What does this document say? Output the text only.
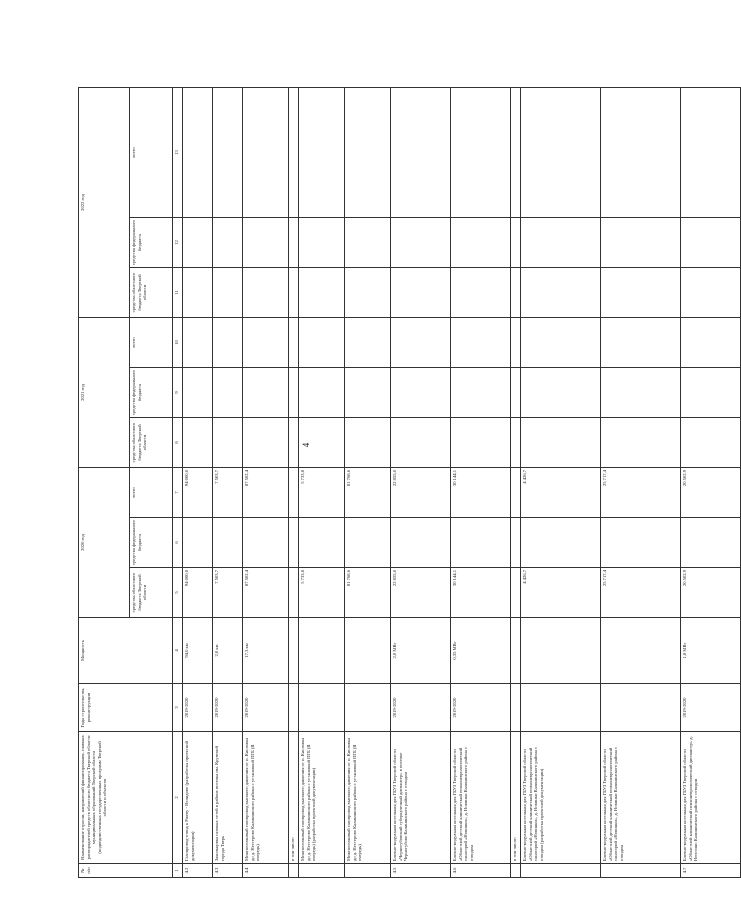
4
№ п/п	Наименование отрасли, направлений финансирования, главных распорядителей средств областного бюджета Тверской области муниципальных образований Тверской области (подведомственных государственных программ Тверской области и объектов	Годы строительства, реконструкции	Мощность	2020 год			2021 год			2022 год		
				средства областного бюджета Тверской области	средства федерального бюджета	всего	средства областного бюджета Тверской области	средства федерального бюджета	всего	средства областного бюджета Тверской области	средства федерального бюджета	всего
1	2	3	4	5	6	7	8	9	10	11	12	13
4.2	Газопровод-отвод к Ржеву - Нелидово (разработка проектной документации)	2019-2020	94,0 км	94 000,0		94 000,0						
4.3	Закольцовка газовых сетей в районе поселка им. Крупской города Тверь	2019-2020	2,0 км	7 503,7		7 503,7						
4.4	Межпоселковый газопровод высокого давления от п. Кисловка до д. Нестерово Калининского района с установкой ПГБ (II очередь)	2019-2020	17,3 км	87 502,4		87 502,4						
	в том числе:											
	Межпоселковый газопровод высокого давления от п. Кисловка до д. Нестерово Калининского района с установкой ПГБ (II очередь) (разработка проектной документации)			5 733,8		5 733,8						
	Межпоселковый газопровод высокого давления от п. Кисловка до д. Нестерово Калининского района с установкой ПГБ (II очередь)			81 768,6		81 768,6						
4.5	Блочно-модульная котельная для ГБУЗ Тверской области «Черногубовский туберкулезный диспансер» в поселке Черногубово Калининского района с отводом	2019-2020	2,0 МВт	22 855,0		22 855,0						
4.6	Блочно-модульная котельная для ГБУЗ Тверской области «Областной детский клинический психоневрологический санаторий «Новинки», д. Новинки Калининского района с отводом	2019-2020	0,35 МВт	30 144,1		30 144,1						
	в том числе:											
	Блочно-модульная котельная для ГБУЗ Тверской области «Областной детский клинический психоневрологический санаторий «Новинки», д. Новинки Калининского района с отводом (разработка проектной документации)			4 426,7		4 426,7						
	Блочно-модульная котельная для ГБУЗ Тверской области «Областной детский клинический психоневрологический санаторий «Новинки», д. Новинки Калининского района с отводом			25 717,4		25 717,4						
4.7	Блочно-модульная котельная для ГБУЗ Тверской области «Областной клинический психоневрологический диспансер» д. Неготино Калининского района с отводом	2019-2020	1,8 МВт	20 502,9		20 502,9						
